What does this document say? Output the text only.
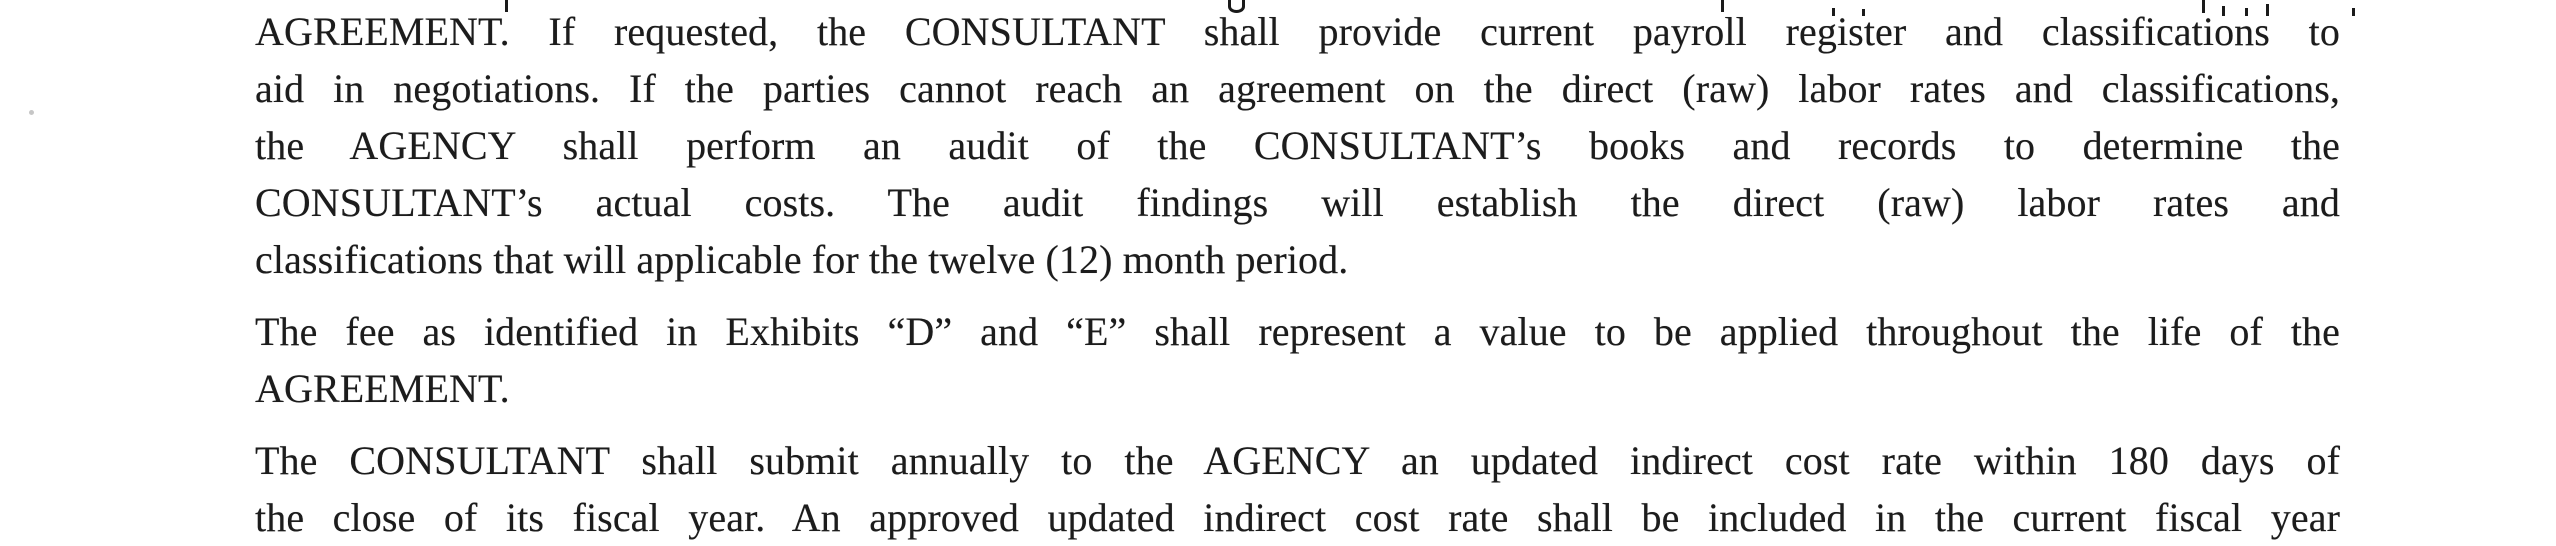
AGREEMENT. If requested, the CONSULTANT shall provide current payroll register and classifications to
aid in negotiations. If the parties cannot reach an agreement on the direct (raw) labor rates and classifications,
the AGENCY shall perform an audit of the CONSULTANT’s books and records to determine the
CONSULTANT’s actual costs. The audit findings will establish the direct (raw) labor rates and
classifications that will applicable for the twelve (12) month period.
The fee as identified in Exhibits “D” and “E” shall represent a value to be applied throughout the life of the
AGREEMENT.
The CONSULTANT shall submit annually to the AGENCY an updated indirect cost rate within 180 days of
the close of its fiscal year. An approved updated indirect cost rate shall be included in the current fiscal year
